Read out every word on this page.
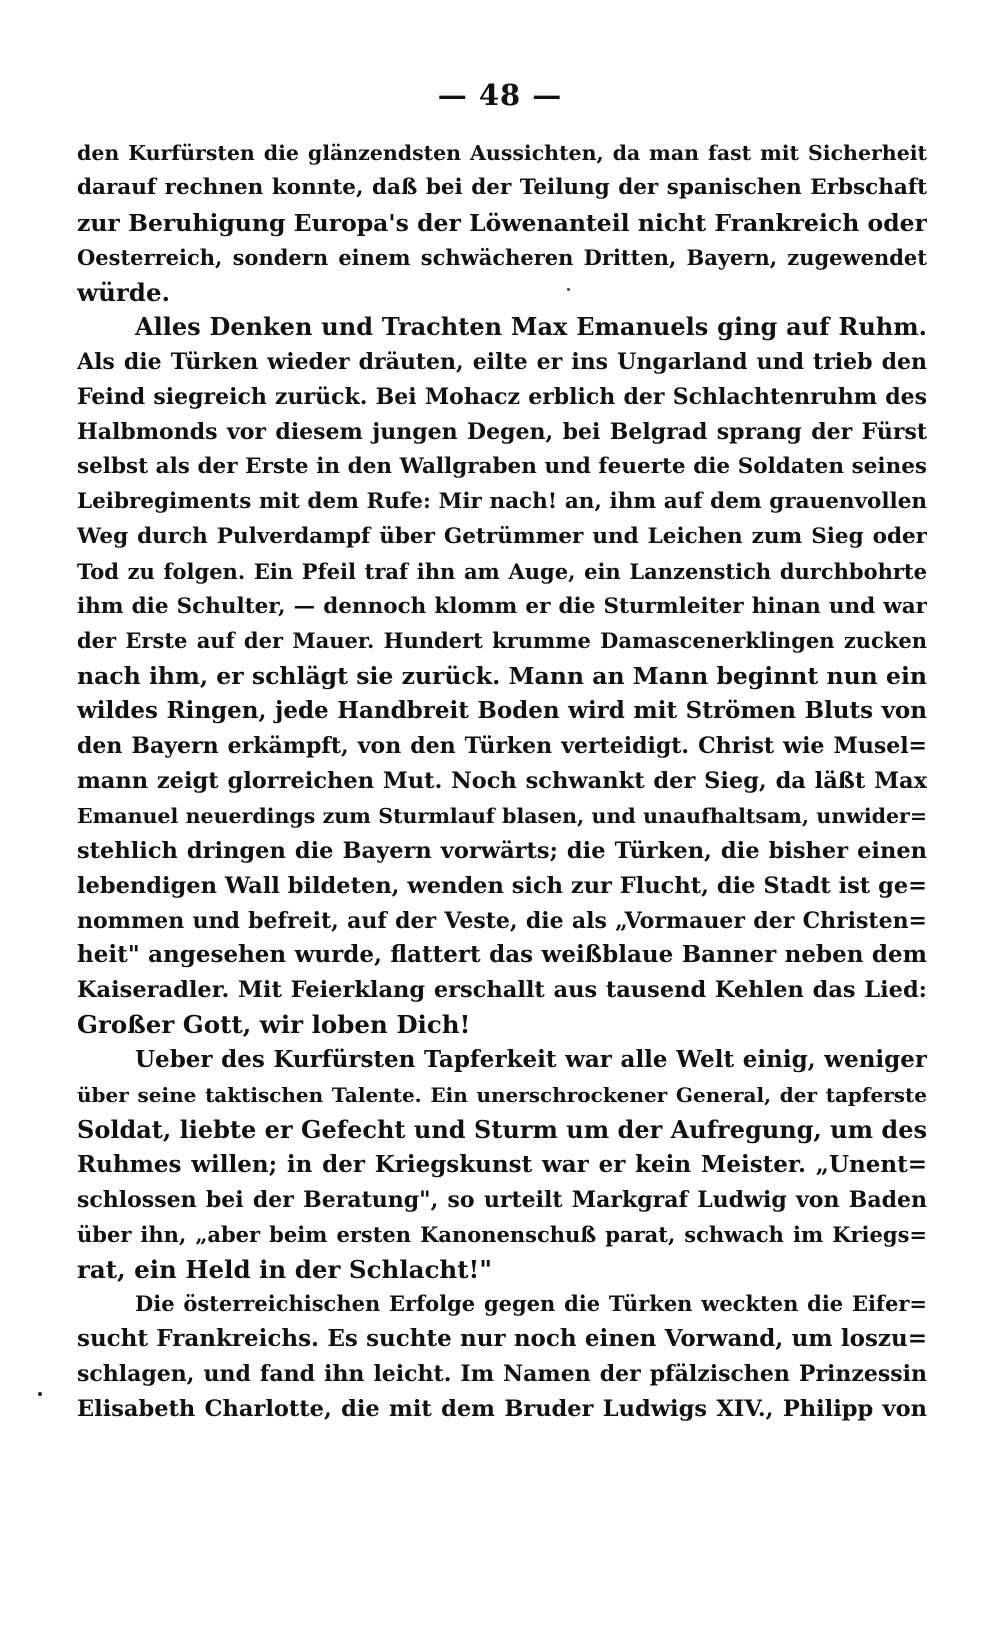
— 48 —
den Kurfürsten die glänzendsten Aussichten, da man fast mit Sicherheit
darauf rechnen konnte, daß bei der Teilung der spanischen Erbschaft
zur Beruhigung Europa's der Löwenanteil nicht Frankreich oder
Oesterreich, sondern einem schwächeren Dritten, Bayern, zugewendet
würde.
Alles Denken und Trachten Max Emanuels ging auf Ruhm.
Als die Türken wieder dräuten, eilte er ins Ungarland und trieb den
Feind siegreich zurück. Bei Mohacz erblich der Schlachtenruhm des
Halbmonds vor diesem jungen Degen, bei Belgrad sprang der Fürst
selbst als der Erste in den Wallgraben und feuerte die Soldaten seines
Leibregiments mit dem Rufe: Mir nach! an, ihm auf dem grauenvollen
Weg durch Pulverdampf über Getrümmer und Leichen zum Sieg oder
Tod zu folgen. Ein Pfeil traf ihn am Auge, ein Lanzenstich durchbohrte
ihm die Schulter, — dennoch klomm er die Sturmleiter hinan und war
der Erste auf der Mauer. Hundert krumme Damascenerklingen zucken
nach ihm, er schlägt sie zurück. Mann an Mann beginnt nun ein
wildes Ringen, jede Handbreit Boden wird mit Strömen Bluts von
den Bayern erkämpft, von den Türken verteidigt. Christ wie Musel=
mann zeigt glorreichen Mut. Noch schwankt der Sieg, da läßt Max
Emanuel neuerdings zum Sturmlauf blasen, und unaufhaltsam, unwider=
stehlich dringen die Bayern vorwärts; die Türken, die bisher einen
lebendigen Wall bildeten, wenden sich zur Flucht, die Stadt ist ge=
nommen und befreit, auf der Veste, die als „Vormauer der Christen=
heit" angesehen wurde, flattert das weißblaue Banner neben dem
Kaiseradler. Mit Feierklang erschallt aus tausend Kehlen das Lied:
Großer Gott, wir loben Dich!
Ueber des Kurfürsten Tapferkeit war alle Welt einig, weniger
über seine taktischen Talente. Ein unerschrockener General, der tapferste
Soldat, liebte er Gefecht und Sturm um der Aufregung, um des
Ruhmes willen; in der Kriegskunst war er kein Meister. „Unent=
schlossen bei der Beratung", so urteilt Markgraf Ludwig von Baden
über ihn, „aber beim ersten Kanonenschuß parat, schwach im Kriegs=
rat, ein Held in der Schlacht!"
Die österreichischen Erfolge gegen die Türken weckten die Eifer=
sucht Frankreichs. Es suchte nur noch einen Vorwand, um loszu=
schlagen, und fand ihn leicht. Im Namen der pfälzischen Prinzessin
Elisabeth Charlotte, die mit dem Bruder Ludwigs XIV., Philipp von
